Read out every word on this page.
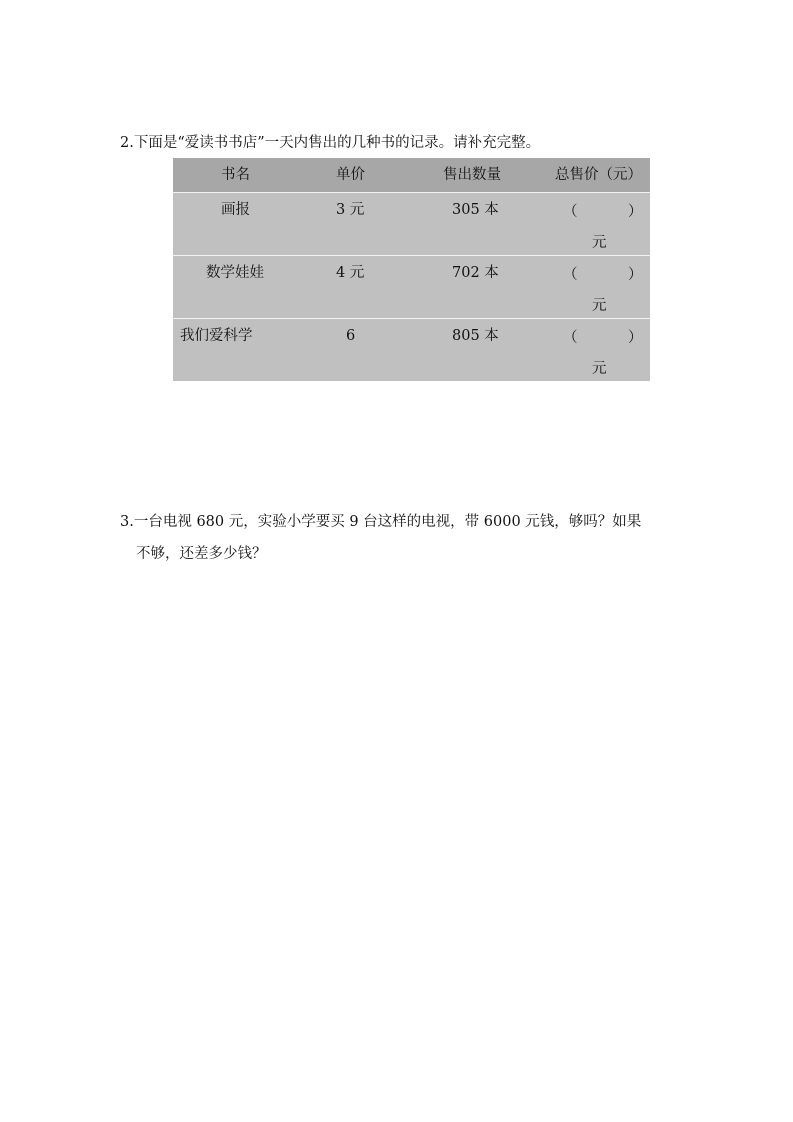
2.下面是“爱读书书店”一天内售出的几种书的记录。请补充完整。
书名	单价	售出数量	总售价（元）
画报	3 元	305 本	（	）
元
数学娃娃	4 元	702 本	（	）
元
我们爱科学	6	805 本	（	）
元
3.一台电视 680 元，实验小学要买 9 台这样的电视，带 6000 元钱，够吗？如果
不够，还差多少钱？
